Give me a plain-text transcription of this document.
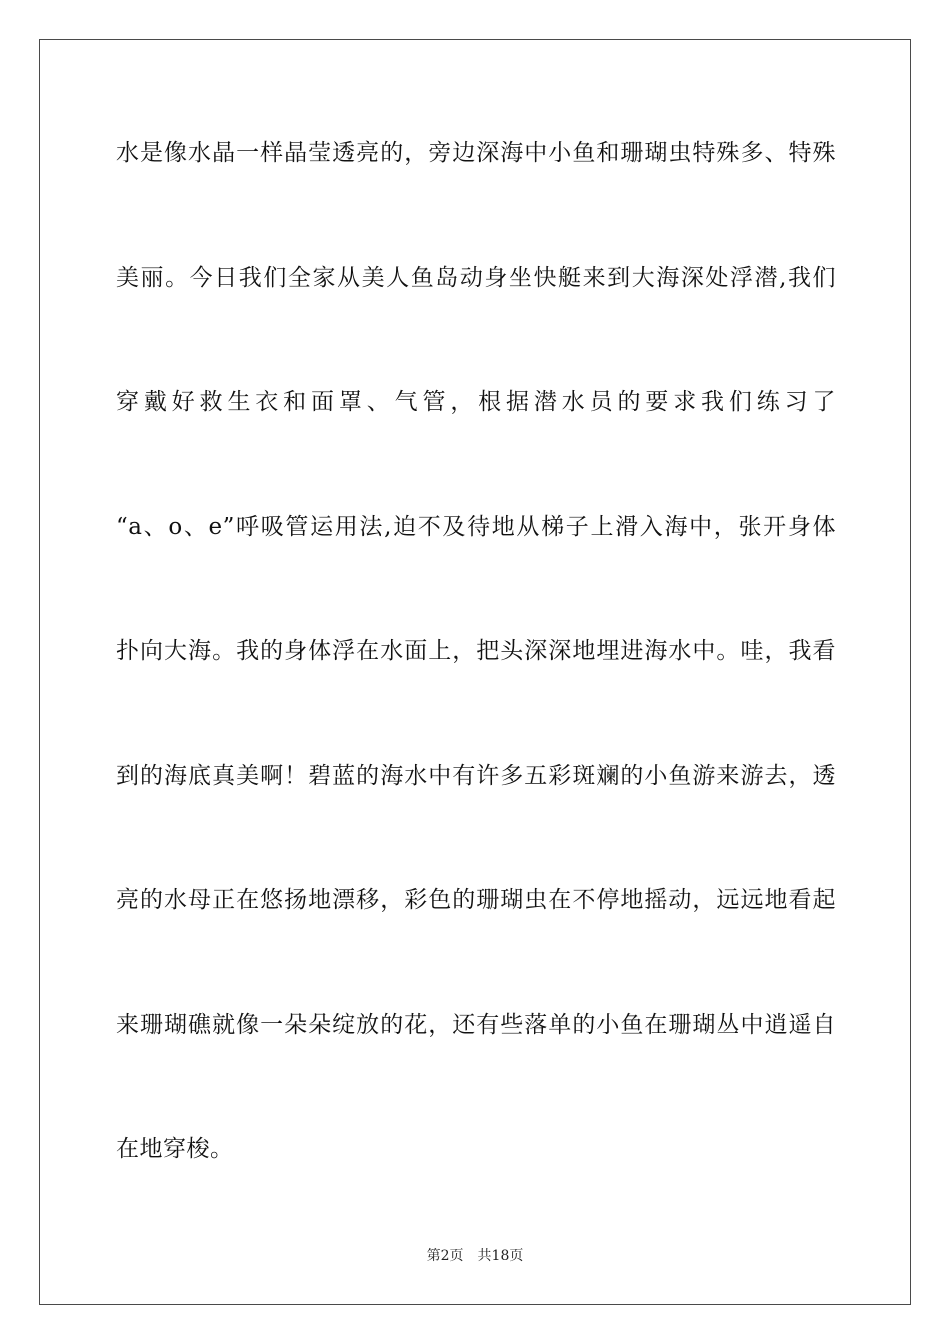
水是像水晶一样晶莹透亮的，旁边深海中小鱼和珊瑚虫特殊多、特殊
美丽。今日我们全家从美人鱼岛动身坐快艇来到大海深处浮潜,我们
穿戴好救生衣和面罩、气管，根据潜水员的要求我们练习了
“a、o、e”呼吸管运用法,迫不及待地从梯子上滑入海中，张开身体
扑向大海。我的身体浮在水面上，把头深深地埋进海水中。哇，我看
到的海底真美啊！碧蓝的海水中有许多五彩斑斓的小鱼游来游去，透
亮的水母正在悠扬地漂移，彩色的珊瑚虫在不停地摇动，远远地看起
来珊瑚礁就像一朵朵绽放的花，还有些落单的小鱼在珊瑚丛中逍遥自
在地穿梭。
第2页 共18页
